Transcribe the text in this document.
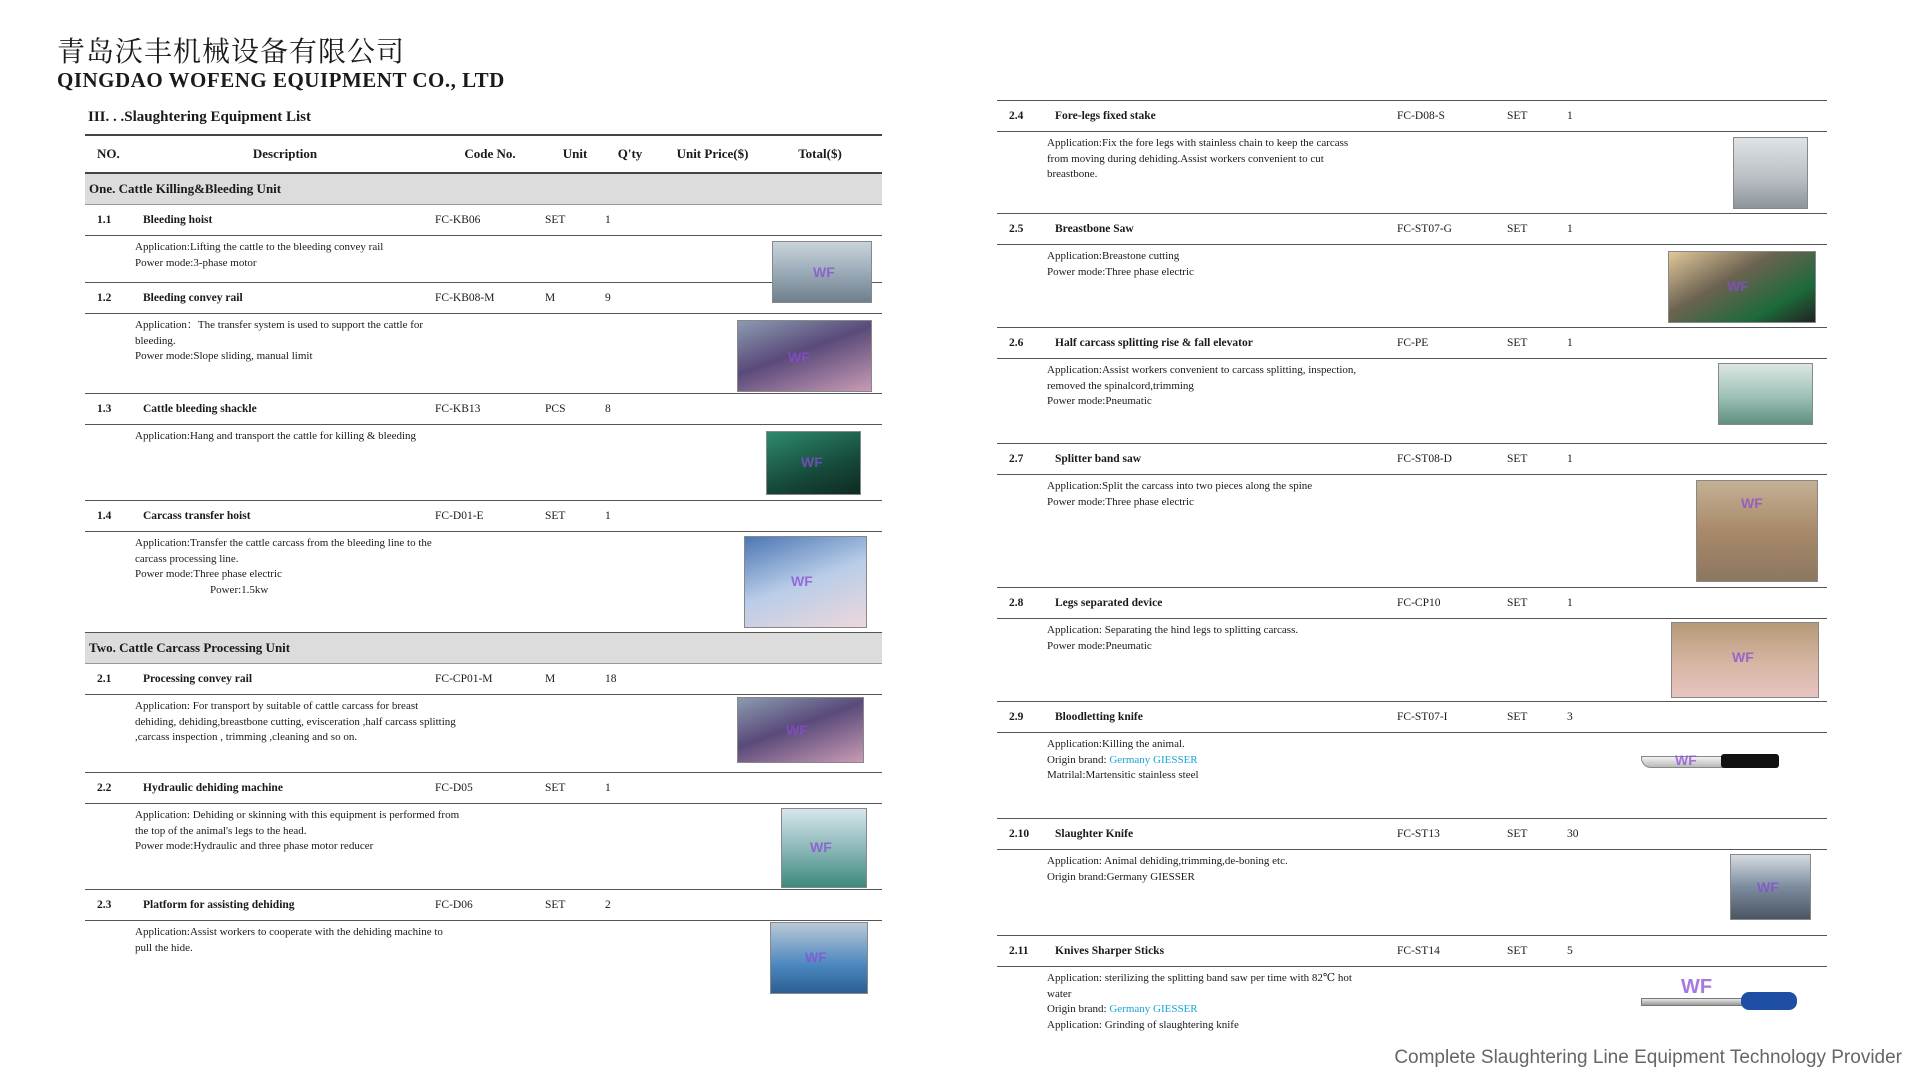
青岛沃丰机械设备有限公司
QINGDAO WOFENG EQUIPMENT CO., LTD
III. . .Slaughtering Equipment List
NO.	Description	Code No.	Unit	Q'ty	Unit Price($)	Total($)
One. Cattle Killing&Bleeding Unit
1.1	Bleeding hoist	FC-KB06	SET	1
Application:Lifting the cattle to the bleeding convey rail
Power mode:3-phase motor
WF
1.2	Bleeding convey rail	FC-KB08-M	M	9
Application：The transfer system is used to support the cattle for
bleeding.
Power mode:Slope sliding, manual limit	WF
1.3	Cattle bleeding shackle	FC-KB13	PCS	8
Application:Hang and transport the cattle for killing & bleeding
WF
1.4	Carcass transfer hoist	FC-D01-E	SET	1
Application:Transfer the cattle carcass from the bleeding line to the
carcass processing line.
Power mode:Three phase electric
Power:1.5kw
WF
Two. Cattle Carcass Processing Unit
2.1	Processing convey rail	FC-CP01-M	M	18
Application: For transport by suitable of cattle carcass for breast
dehiding, dehiding,breastbone cutting, evisceration ,half carcass splitting
,carcass inspection , trimming ,cleaning and so on.	WF
2.2	Hydraulic dehiding machine	FC-D05	SET	1
Application: Dehiding or skinning with this equipment is performed from
the top of the animal's legs to the head.
Power mode:Hydraulic and three phase motor reducer	WF
2.3	Platform for assisting dehiding	FC-D06	SET	2
Application:Assist workers to cooperate with the dehiding machine to
pull the hide.
WF
2.4	Fore-legs fixed stake	FC-D08-S	SET	1
Application:Fix the fore legs with stainless chain to keep the carcass
from moving during dehiding.Assist workers convenient to cut
breastbone.
2.5	Breastbone Saw	FC-ST07-G	SET	1
Application:Breastone cutting
Power mode:Three phase electric
WF
2.6	Half carcass splitting rise & fall elevator	FC-PE	SET	1
Application:Assist workers convenient to carcass splitting, inspection,
removed the spinalcord,trimming
Power mode:Pneumatic
2.7	Splitter band saw	FC-ST08-D	SET	1
Application:Split the carcass into two pieces along the spine
Power mode:Three phase electric	WF
2.8	Legs separated device	FC-CP10	SET	1
Application: Separating the hind legs to splitting carcass.
Power mode:Pneumatic
WF
2.9	Bloodletting knife	FC-ST07-I	SET	3
Application:Killing the animal.
Origin brand: Germany GIESSER
Matrilal:Martensitic stainless steel
WF
2.10	Slaughter Knife	FC-ST13	SET	30
Application: Animal dehiding,trimming,de-boning etc.
Origin brand:Germany GIESSER
WF
2.11	Knives Sharper Sticks	FC-ST14	SET	5
Application: sterilizing the splitting band saw per time with 82℃ hot
water
Origin brand: Germany GIESSER
Application: Grinding of slaughtering knife
WF
Complete Slaughtering Line Equipment Technology Provider
